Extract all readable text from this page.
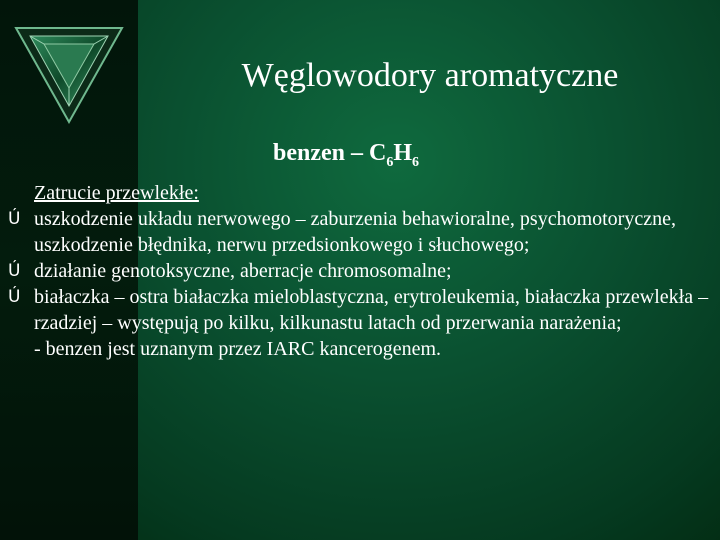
Węglowodory aromatyczne
benzen – $C_6H_6$
Zatrucie przewlekłe:
Ú uszkodzenie układu nerwowego – zaburzenia behawioralne, psychomotoryczne, uszkodzenie błędnika, nerwu przedsionkowego i słuchowego;
Ú działanie genotoksyczne, aberracje chromosomalne;
Ú białaczka – ostra białaczka mieloblastyczna, erytroleukemia, białaczka przewlekła – rzadziej – występują po kilku, kilkunastu latach od przerwania narażenia;
- benzen jest uznanym przez IARC kancerogenem.
